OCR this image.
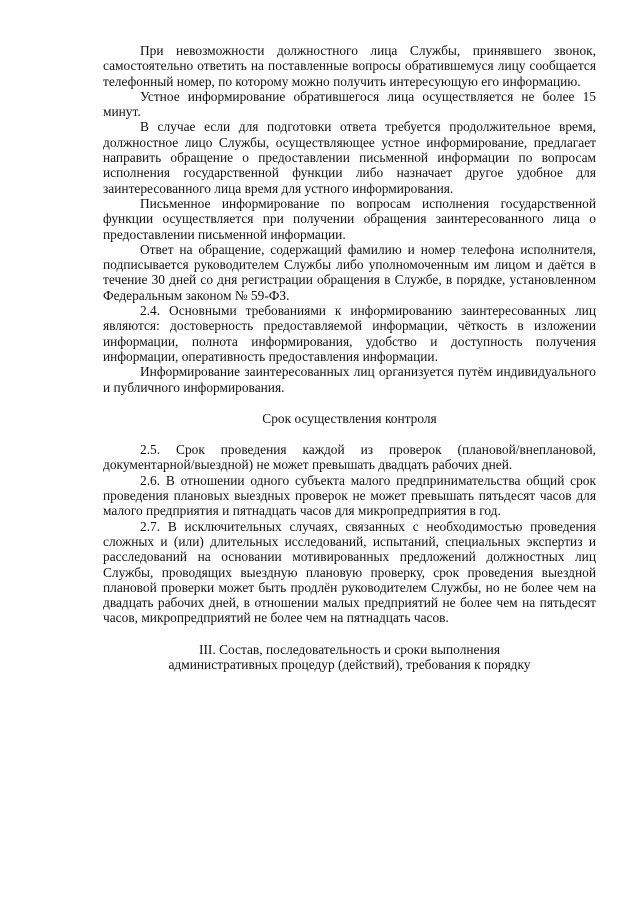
При невозможности должностного лица Службы, принявшего звонок, самостоятельно ответить на поставленные вопросы обратившемуся лицу сообщается телефонный номер, по которому можно получить интересующую его информацию.

Устное информирование обратившегося лица осуществляется не более 15 минут.

В случае если для подготовки ответа требуется продолжительное время, должностное лицо Службы, осуществляющее устное информирование, предлагает направить обращение о предоставлении письменной информации по вопросам исполнения государственной функции либо назначает другое удобное для заинтересованного лица время для устного информирования.

Письменное информирование по вопросам исполнения государственной функции осуществляется при получении обращения заинтересованного лица о предоставлении письменной информации.

Ответ на обращение, содержащий фамилию и номер телефона исполнителя, подписывается руководителем Службы либо уполномоченным им лицом и даётся в течение 30 дней со дня регистрации обращения в Службе, в порядке, установленном Федеральным законом № 59-ФЗ.

2.4. Основными требованиями к информированию заинтересованных лиц являются: достоверность предоставляемой информации, чёткость в изложении информации, полнота информирования, удобство и доступность получения информации, оперативность предоставления информации.

Информирование заинтересованных лиц организуется путём индивидуального и публичного информирования.

Срок осуществления контроля

2.5. Срок проведения каждой из проверок (плановой/внеплановой, документарной/выездной) не может превышать двадцать рабочих дней.

2.6. В отношении одного субъекта малого предпринимательства общий срок проведения плановых выездных проверок не может превышать пятьдесят часов для малого предприятия и пятнадцать часов для микропредприятия в год.

2.7. В исключительных случаях, связанных с необходимостью проведения сложных и (или) длительных исследований, испытаний, специальных экспертиз и расследований на основании мотивированных предложений должностных лиц Службы, проводящих выездную плановую проверку, срок проведения выездной плановой проверки может быть продлён руководителем Службы, но не более чем на двадцать рабочих дней, в отношении малых предприятий не более чем на пятьдесят часов, микропредприятий не более чем на пятнадцать часов.

III. Состав, последовательность и сроки выполнения
административных процедур (действий), требования к порядку
